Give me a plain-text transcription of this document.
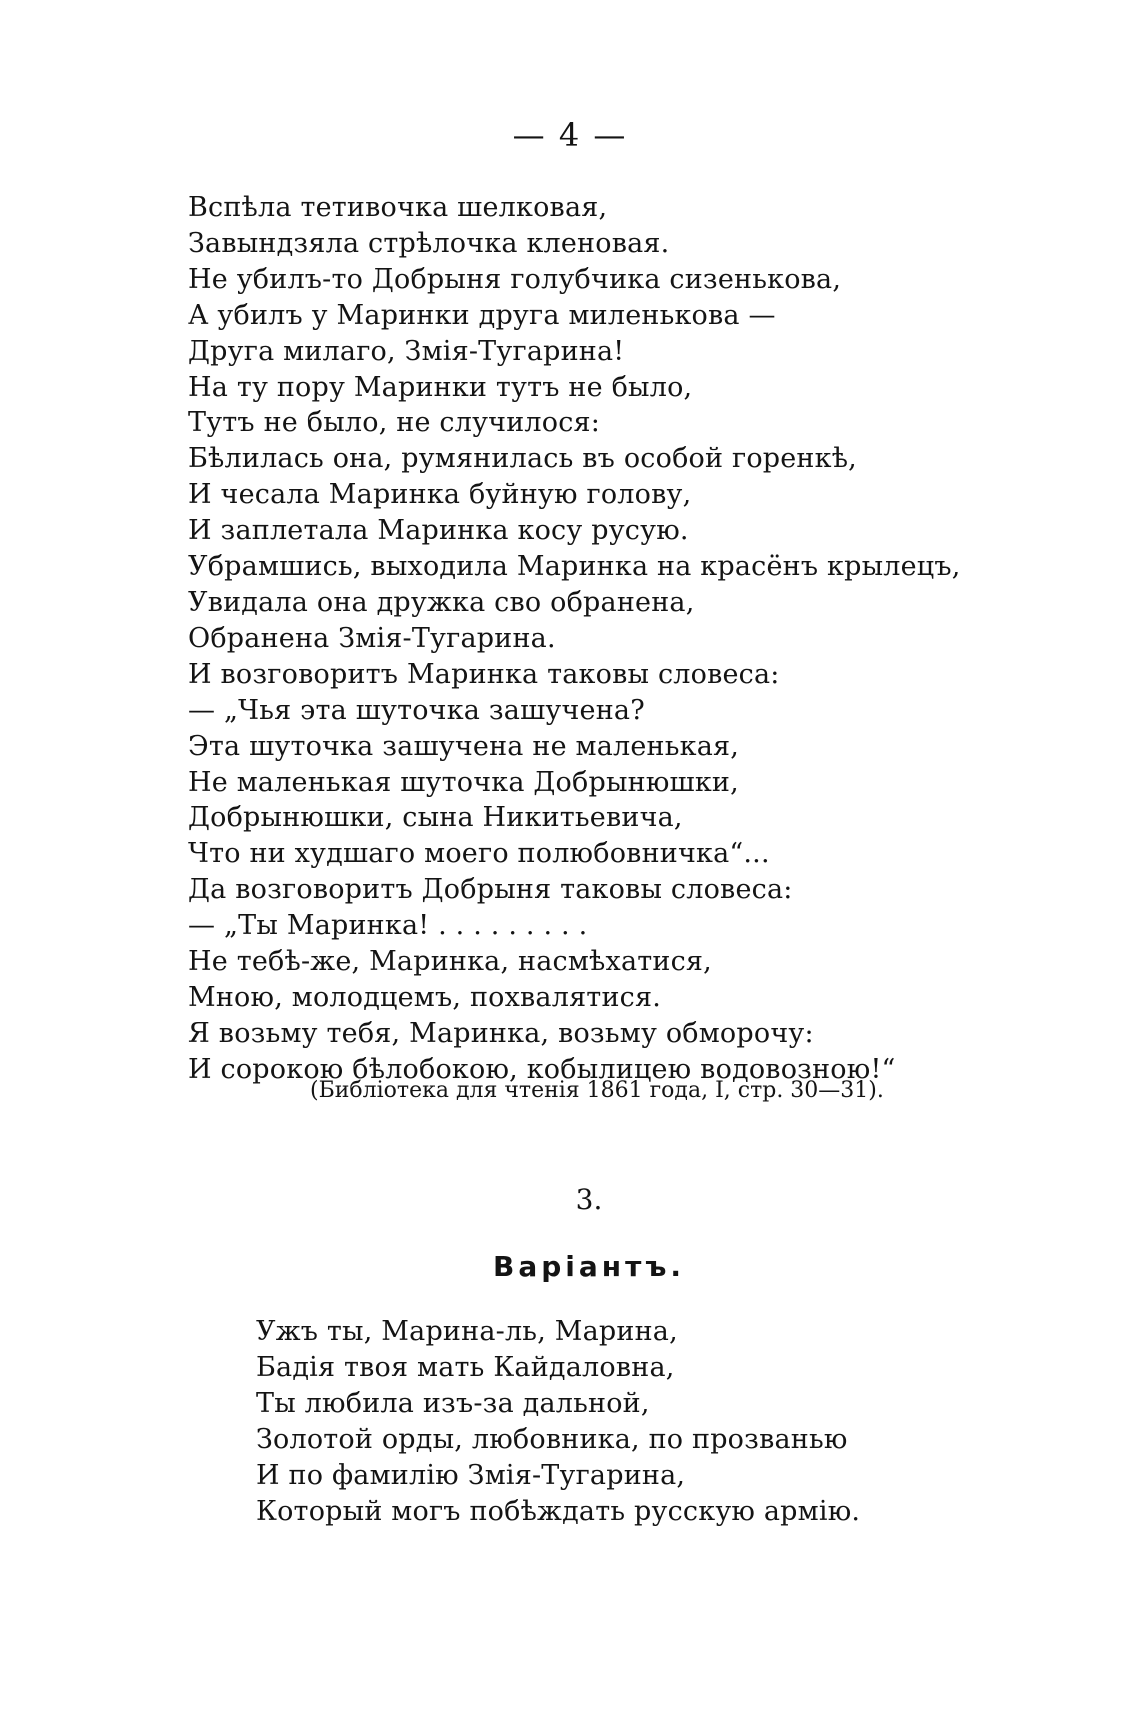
— 4 —
Вспѣла тетивочка шелковая,
Завындзяла стрѣлочка кленовая.
Не убилъ-то Добрыня голубчика сизенькова,
А убилъ у Маринки друга миленькова —
Друга милаго, Змія-Тугарина!
На ту пору Маринки тутъ не было,
Тутъ не было, не случилося:
Бѣлилась она, румянилась въ особой горенкѣ,
И чесала Маринка буйную голову,
И заплетала Маринка косу русую.
Убрамшись, выходила Маринка на красёнъ крылецъ,
Увидала она дружка сво обранена,
Обранена Змія-Тугарина.
И возговоритъ Маринка таковы словеса:
— „Чья эта шуточка зашучена?
Эта шуточка зашучена не маленькая,
Не маленькая шуточка Добрынюшки,
Добрынюшки, сына Никитьевича,
Что ни худшаго моего полюбовничка“...
Да возговоритъ Добрыня таковы словеса:
— „Ты Маринка! . . . . . . . . .
Не тебѣ-же, Маринка, насмѣхатися,
Мною, молодцемъ, похвалятися.
Я возьму тебя, Маринка, возьму обморочу:
И сорокою бѣлобокою, кобылицею водовозною!“
(Библіотека для чтенія 1861 года, I, стр. 30—31).
3.
Варіантъ.
Ужъ ты, Марина-ль, Марина,
Бадія твоя мать Кайдаловна,
Ты любила изъ-за дальной,
Золотой орды, любовника, по прозванью
И по фамилію Змія-Тугарина,
Который могъ побѣждать русскую армію.
